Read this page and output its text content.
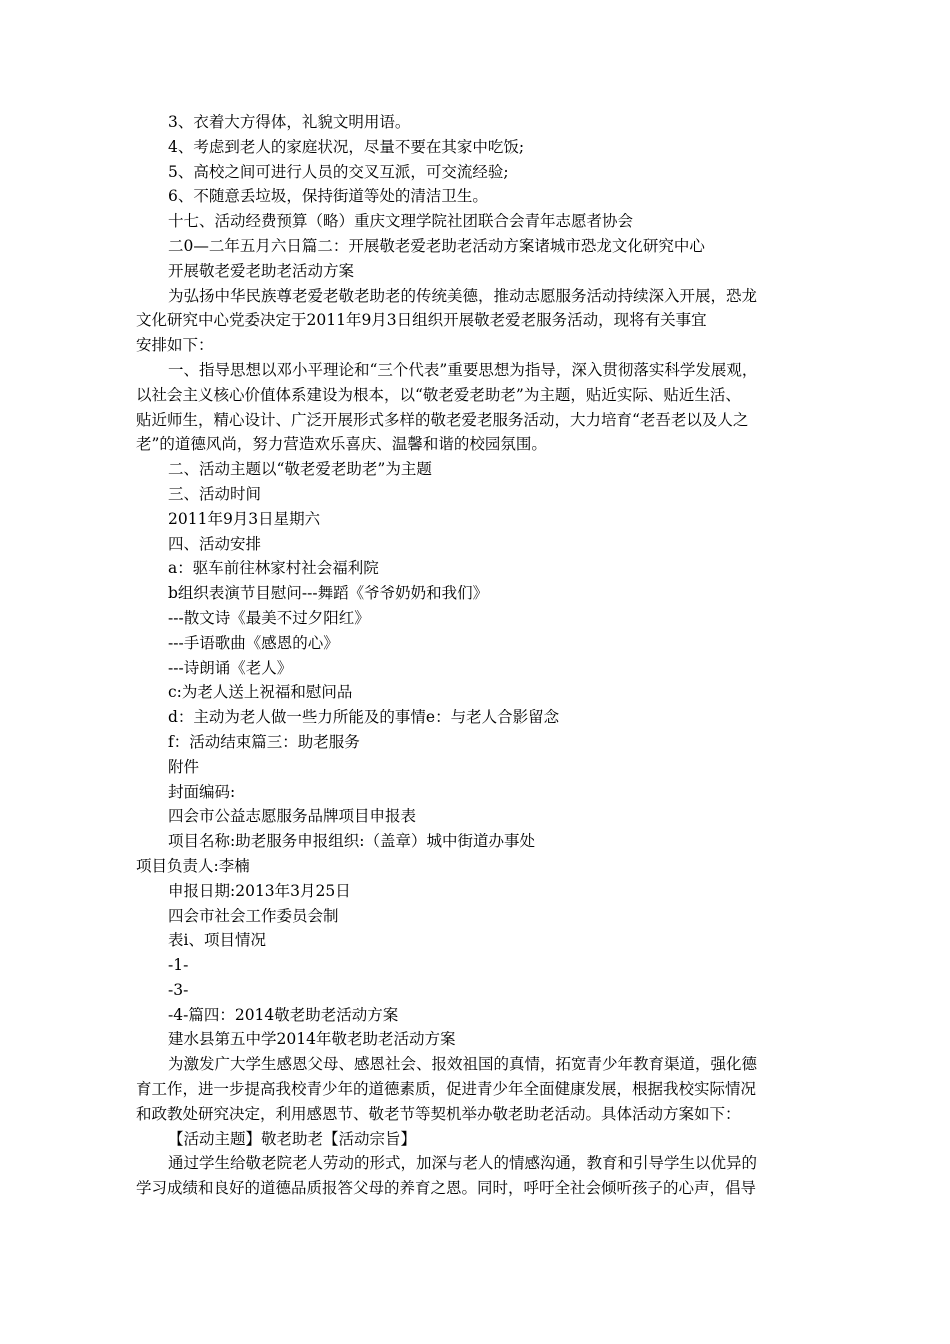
3、衣着大方得体，礼貌文明用语。
4、考虑到老人的家庭状况，尽量不要在其家中吃饭;
5、高校之间可进行人员的交叉互派，可交流经验;
6、不随意丢垃圾，保持街道等处的清洁卫生。
十七、活动经费预算（略）重庆文理学院社团联合会青年志愿者协会
二0—二年五月六日篇二：开展敬老爱老助老活动方案诸城市恐龙文化研究中心
开展敬老爱老助老活动方案
为弘扬中华民族尊老爱老敬老助老的传统美德，推动志愿服务活动持续深入开展，恐龙
文化研究中心党委决定于2011年9月3日组织开展敬老爱老服务活动，现将有关事宜
安排如下：
一、指导思想以邓小平理论和“三个代表”重要思想为指导，深入贯彻落实科学发展观，
以社会主义核心价值体系建设为根本，以“敬老爱老助老”为主题，贴近实际、贴近生活、
贴近师生，精心设计、广泛开展形式多样的敬老爱老服务活动，大力培育“老吾老以及人之
老”的道德风尚，努力营造欢乐喜庆、温馨和谐的校园氛围。
二、活动主题以“敬老爱老助老”为主题
三、活动时间
2011年9月3日星期六
四、活动安排
a：驱车前往林家村社会福利院
b组织表演节目慰问---舞蹈《爷爷奶奶和我们》
---散文诗《最美不过夕阳红》
---手语歌曲《感恩的心》
---诗朗诵《老人》
c:为老人送上祝福和慰问品
d：主动为老人做一些力所能及的事情e：与老人合影留念
f：活动结束篇三：助老服务
附件
封面编码:
四会市公益志愿服务品牌项目申报表
项目名称:助老服务申报组织:（盖章）城中街道办事处
项目负责人:李楠
申报日期:2013年3月25日
四会市社会工作委员会制
表i、项目情况
-1-
-3-
-4-篇四：2014敬老助老活动方案
建水县第五中学2014年敬老助老活动方案
为激发广大学生感恩父母、感恩社会、报效祖国的真情，拓宽青少年教育渠道，强化德
育工作，进一步提高我校青少年的道德素质，促进青少年全面健康发展，根据我校实际情况
和政教处研究决定，利用感恩节、敬老节等契机举办敬老助老活动。具体活动方案如下：
【活动主题】敬老助老【活动宗旨】
通过学生给敬老院老人劳动的形式，加深与老人的情感沟通，教育和引导学生以优异的
学习成绩和良好的道德品质报答父母的养育之恩。同时，呼吁全社会倾听孩子的心声，倡导
